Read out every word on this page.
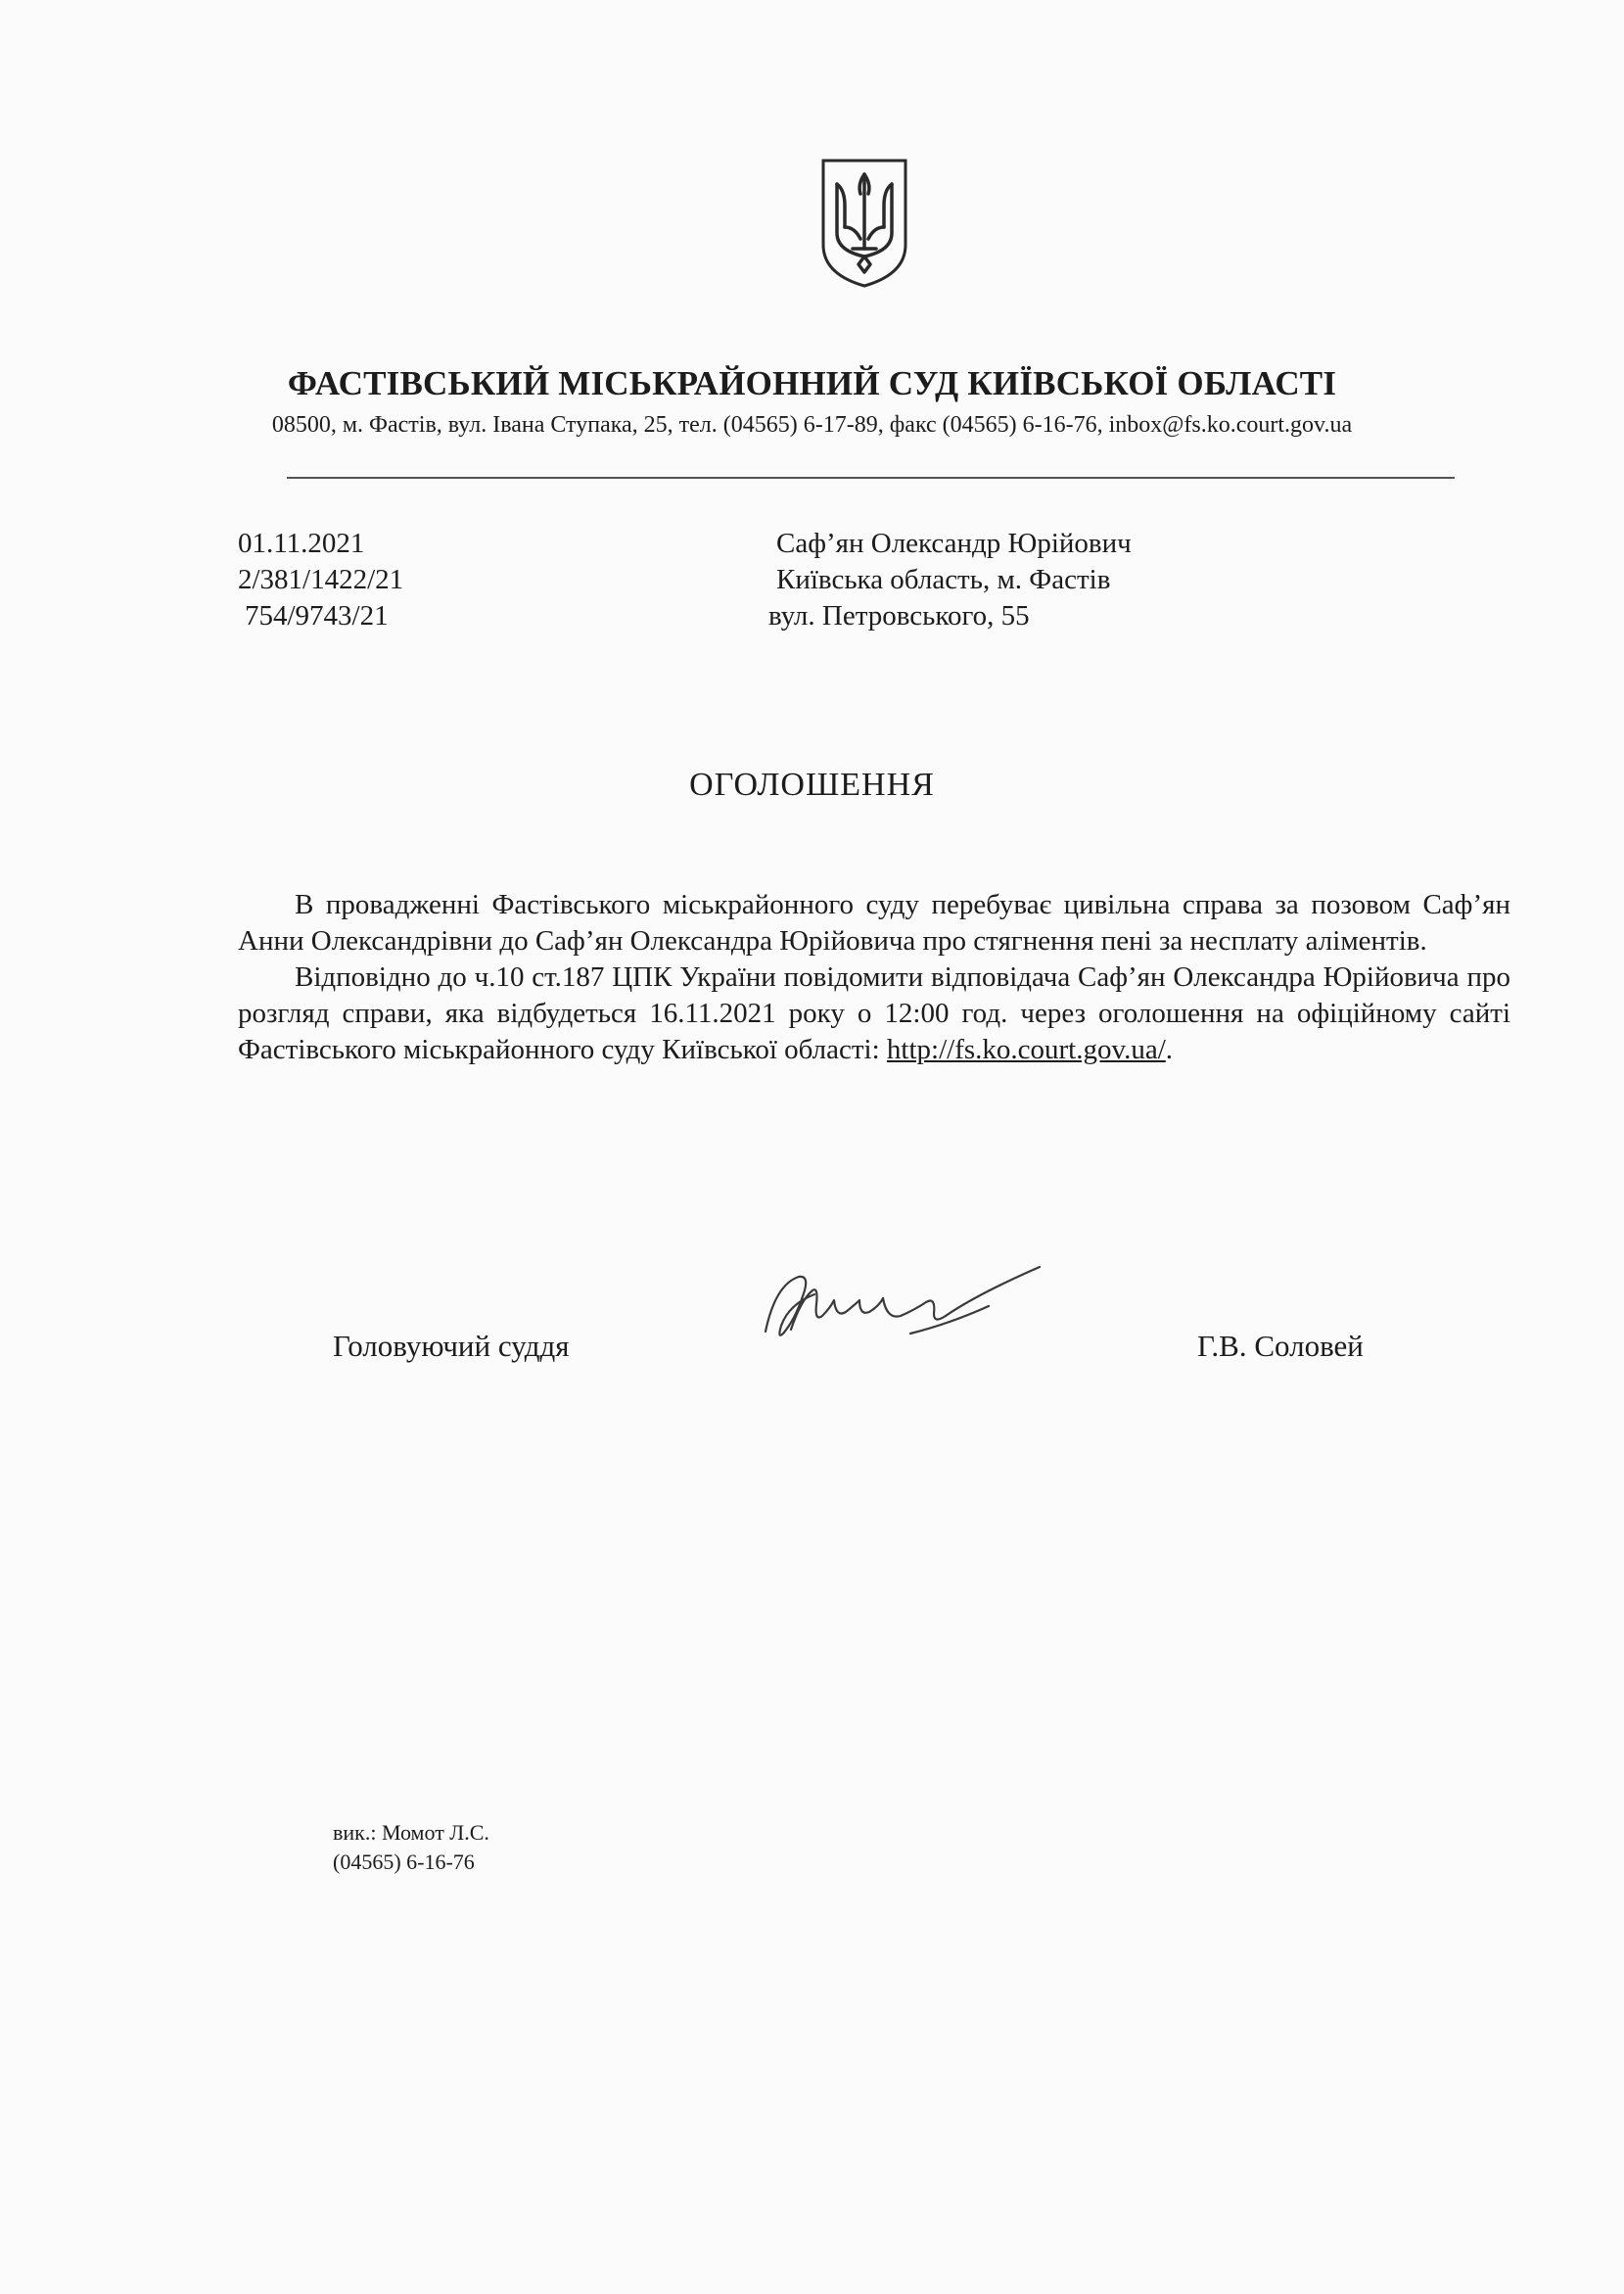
ФАСТІВСЬКИЙ МІСЬКРАЙОННИЙ СУД КИЇВСЬКОЇ ОБЛАСТІ
08500, м. Фастів, вул. Івана Ступака, 25, тел. (04565) 6-17-89, факс (04565) 6-16-76, inbox@fs.ko.court.gov.ua
01.11.2021
2/381/1422/21
754/9743/21
Саф’ян Олександр Юрійович
Київська область, м. Фастів
вул. Петровського, 55
ОГОЛОШЕННЯ

В провадженні Фастівського міськрайонного суду перебуває цивільна справа за позовом Саф’ян Анни Олександрівни до Саф’ян Олександра Юрійовича про стягнення пені за несплату аліментів.

Відповідно до ч.10 ст.187 ЦПК України повідомити відповідача Саф’ян Олександра Юрійовича про розгляд справи, яка відбудеться 16.11.2021 року о 12:00 год. через оголошення на офіційному сайті Фастівського міськрайонного суду Київської області: http://fs.ko.court.gov.ua/.

Головуючий суддя	Г.В. Соловей
вик.: Момот Л.С.
(04565) 6-16-76
